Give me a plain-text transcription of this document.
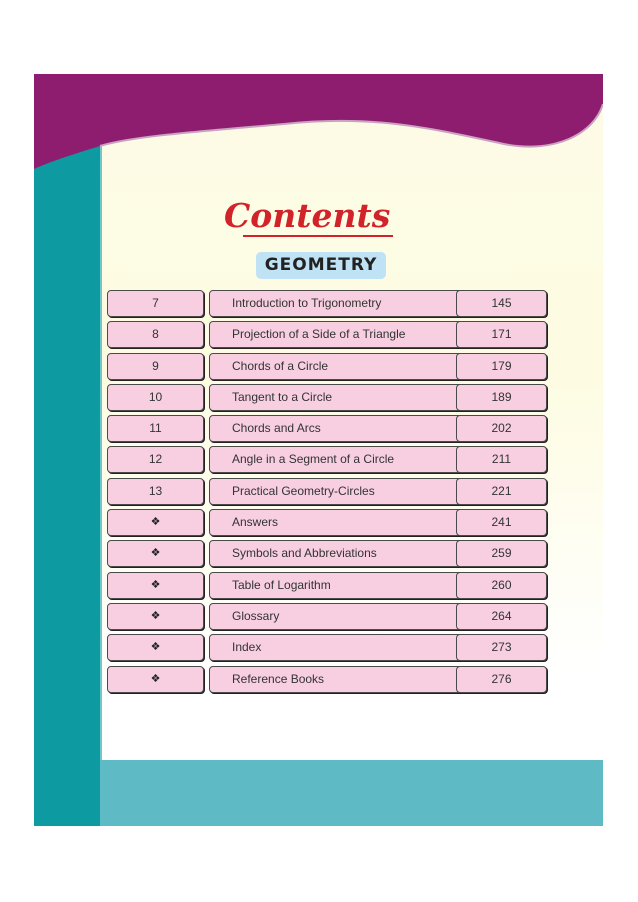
Contents
GEOMETRY
7	Introduction to Trigonometry	145
8	Projection of a Side of a Triangle	171
9	Chords of a Circle	179
10	Tangent to a Circle	189
11	Chords and Arcs	202
12	Angle in a Segment of a Circle	211
13	Practical Geometry-Circles	221
❖	Answers	241
❖	Symbols and Abbreviations	259
❖	Table of Logarithm	260
❖	Glossary	264
❖	Index	273
❖	Reference Books	276
